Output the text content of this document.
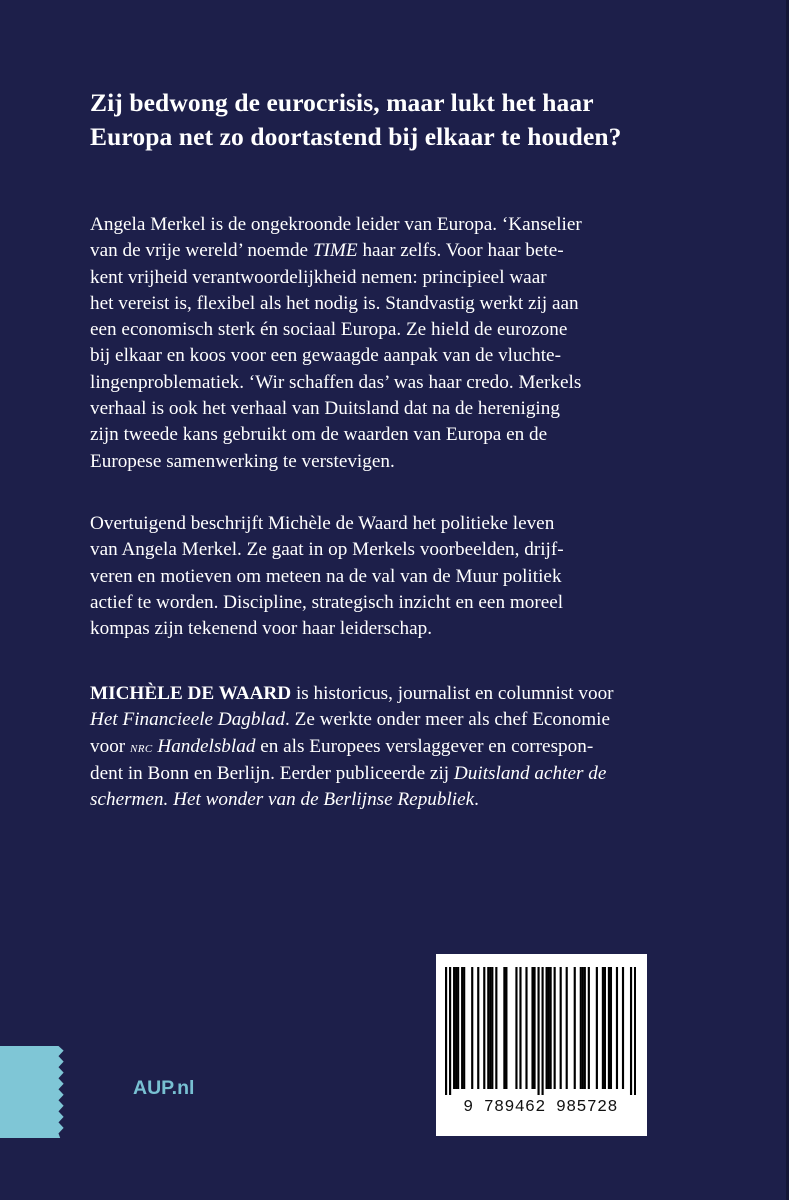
Zij bedwong de eurocrisis, maar lukt het haar
Europa net zo doortastend bij elkaar te houden?

Angela Merkel is de ongekroonde leider van Europa. ‘Kanselier
van de vrije wereld’ noemde TIME haar zelfs. Voor haar bete-
kent vrijheid verantwoordelijkheid nemen: principieel waar
het vereist is, flexibel als het nodig is. Standvastig werkt zij aan
een economisch sterk én sociaal Europa. Ze hield de eurozone
bij elkaar en koos voor een gewaagde aanpak van de vluchte-
lingenproblematiek. ‘Wir schaffen das’ was haar credo. Merkels
verhaal is ook het verhaal van Duitsland dat na de hereniging
zijn tweede kans gebruikt om de waarden van Europa en de
Europese samenwerking te verstevigen.

Overtuigend beschrijft Michèle de Waard het politieke leven
van Angela Merkel. Ze gaat in op Merkels voorbeelden, drijf-
veren en motieven om meteen na de val van de Muur politiek
actief te worden. Discipline, strategisch inzicht en een moreel
kompas zijn tekenend voor haar leiderschap.

MICHÈLE DE WAARD is historicus, journalist en columnist voor
Het Financieele Dagblad. Ze werkte onder meer als chef Economie
voor nrc Handelsblad en als Europees verslaggever en correspon-
dent in Bonn en Berlijn. Eerder publiceerde zij Duitsland achter de
schermen. Het wonder van de Berlijnse Republiek.

AUP.nl
9 789462 985728
